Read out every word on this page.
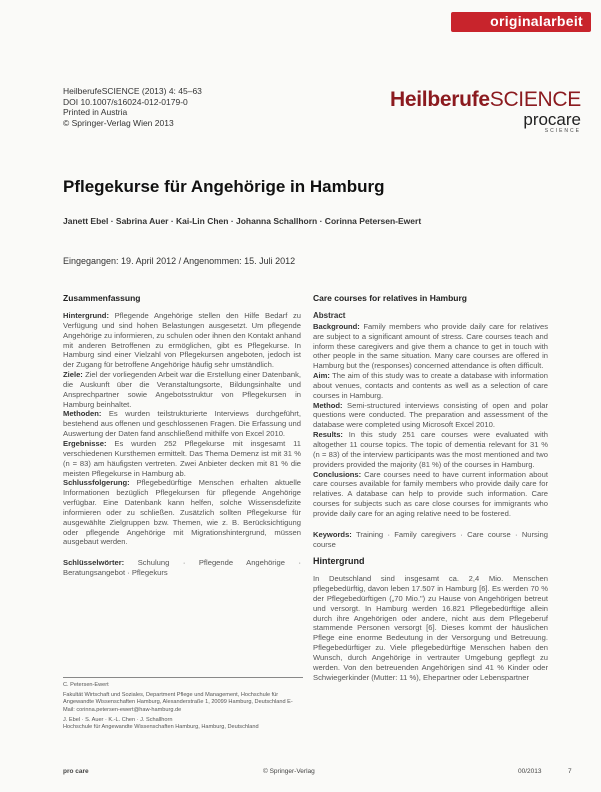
originalarbeit
HeilberufeSCIENCE (2013) 4: 45–63
DOI 10.1007/s16024-012-0179-0
Printed in Austria
© Springer-Verlag Wien 2013
HeilberufeSCIENCE
procare
SCIENCE
Pflegekurse für Angehörige in Hamburg
Janett Ebel · Sabrina Auer · Kai-Lin Chen · Johanna Schallhorn · Corinna Petersen-Ewert
Eingegangen: 19. April 2012 / Angenommen: 15. Juli 2012
Zusammenfassung

Hintergrund: Pflegende Angehörige stellen den Hilfe Bedarf zu Verfügung und sind hohen Belastungen ausgesetzt. Um pflegende Angehörige zu informieren, zu schulen oder ihnen den Kontakt anhand mit anderen Betroffenen zu ermöglichen, gibt es Pflegekurse. In Hamburg sind einer Vielzahl von Pflegekursen angeboten, jedoch ist der Zugang für betroffene Angehörige häufig sehr umständlich.

Ziele: Ziel der vorliegenden Arbeit war die Erstellung einer Datenbank, die Auskunft über die Veranstaltungsorte, Bildungsinhalte und Ansprechpartner sowie Angebotsstruktur von Pflegekursen in Hamburg beinhaltet.

Methoden: Es wurden teilstrukturierte Interviews durchgeführt, bestehend aus offenen und geschlossenen Fragen. Die Erfassung und Auswertung der Daten fand anschließend mithilfe von Excel 2010.

Ergebnisse: Es wurden 252 Pflegekurse mit insgesamt 11 verschiedenen Kursthemen ermittelt. Das Thema Demenz ist mit 31 % (n = 83) am häufigsten vertreten. Zwei Anbieter decken mit 81 % die meisten Pflegekurse in Hamburg ab.

Schlussfolgerung: Pflegebedürftige Menschen erhalten aktuelle Informationen bezüglich Pflegekursen für pflegende Angehörige verfügbar. Eine Datenbank kann helfen, solche Wissensdefizite informieren oder zu schließen. Zusätzlich sollten Pflegekurse für ausgewählte Zielgruppen bzw. Themen, wie z. B. Berücksichtigung oder pflegende Angehörige mit Migrationshintergrund, müssen ausgebaut werden.

Schlüsselwörter: Schulung · Pflegende Angehörige · Beratungsangebot · Pflegekurs

Care courses for relatives in Hamburg
Abstract

Background: Family members who provide daily care for relatives are subject to a significant amount of stress. Care courses teach and inform these caregivers and give them a chance to get in touch with other people in the same situation. Many care courses are offered in Hamburg but the (responses) concerned attendance is often difficult.

Aim: The aim of this study was to create a database with information about venues, contacts and contents as well as a selection of care courses in Hamburg.

Method: Semi-structured interviews consisting of open and polar questions were conducted. The preparation and assessment of the database were completed using Microsoft Excel 2010.

Results: In this study 251 care courses were evaluated with altogether 11 course topics. The topic of dementia relevant for 31 % (n = 83) of the interview participants was the most mentioned and two providers provided the majority (81 %) of the courses in Hamburg.

Conclusions: Care courses need to have current information about care courses available for family members who provide daily care for relatives. A database can help to provide such information. Care courses for subjects such as care close courses for immigrants who provide daily care for an aging relative need to be fostered.

Keywords: Training · Family caregivers · Care course · Nursing course

Hintergrund

In Deutschland sind insgesamt ca. 2,4 Mio. Menschen pflegebedürftig, davon leben 17.507 in Hamburg [6]. Es werden 70 % der Pflegebedürftigen („70 Mio.") zu Hause von Angehörigen betreut und versorgt. In Hamburg werden 16.821 Pflegebedürftige allein durch ihre Angehörigen oder andere, nicht aus dem Pflegeberuf stammende Personen versorgt [6]. Dieses kommt der häuslichen Pflege eine enorme Bedeutung in der Versorgung und Betreuung. Pflegebedürftiger zu. Viele pflegebedürftige Menschen haben den Wunsch, durch Angehörige in vertrauter Umgebung gepflegt zu werden. Von den betreuenden Angehörigen sind 41 % Kinder oder Schwiegerkinder (Mutter: 11 %), Ehepartner oder Lebenspartner

C. Petersen-Ewert
Fakultät Wirtschaft und Soziales, Department Pflege und Management, Hochschule für Angewandte Wissenschaften Hamburg, Alexanderstraße 1, 20099 Hamburg, Deutschland E-Mail: corinna.petersen-ewert@haw-hamburg.de
J. Ebel · S. Auer · K.-L. Chen · J. Schallhorn
Hochschule für Angewandte Wissenschaften Hamburg, Hamburg, Deutschland
pro care	© Springer-Verlag	00/2013	7
